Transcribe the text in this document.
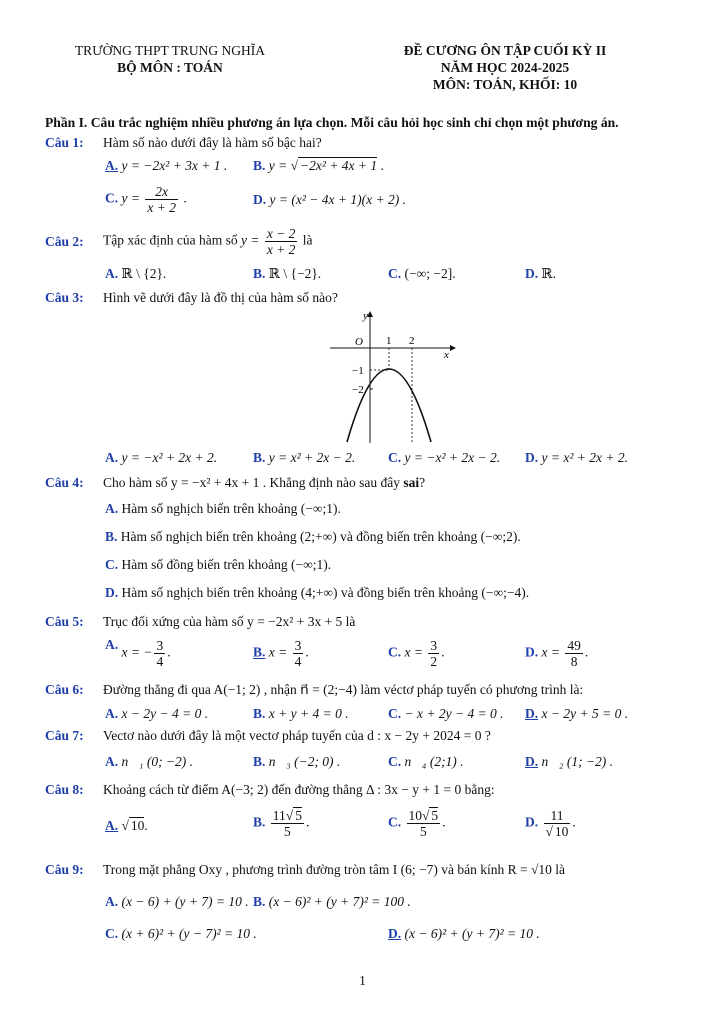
TRƯỜNG THPT TRUNG NGHĨA
BỘ MÔN : TOÁN
ĐỀ CƯƠNG ÔN TẬP CUỐI KỲ II
NĂM HỌC 2024-2025
MÔN: TOÁN, KHỐI: 10
Phần I. Câu trắc nghiệm nhiều phương án lựa chọn. Mỗi câu hỏi học sinh chỉ chọn một phương án.
Câu 1: Hàm số nào dưới đây là hàm số bậc hai?
A. y = −2x² + 3x + 1 . B. y = √ −2x² + 4x + 1 .
C. $y = \frac{2x}{x + 2}$ .	D. y = (x² − 4x + 1)(x + 2) .
Câu 2: Tập xác định của hàm số $y = \frac{x - 2}{x + 2}$ là
A. ℝ \ {2}.	B. ℝ \ {−2}.	C. (−∞; −2].	D. ℝ.
Câu 3: Hình vẽ dưới đây là đồ thị của hàm số nào?
A. y = −x² + 2x + 2.	B. y = x² + 2x − 2. C. y = −x² + 2x − 2. D. y = x² + 2x + 2.
y
x
O 1 2
−1
−2
Câu 4: Cho hàm số y = −x² + 4x + 1 . Khẳng định nào sau đây sai?
A. Hàm số nghịch biến trên khoảng (−∞;1).
B. Hàm số nghịch biến trên khoảng (2;+∞) và đồng biến trên khoảng (−∞;2).
C. Hàm số đồng biến trên khoảng (−∞;1).
D. Hàm số nghịch biến trên khoảng (4;+∞) và đồng biến trên khoảng (−∞;−4).
Câu 5: Trục đối xứng của hàm số y = −2x² + 3x + 5 là
A. x = − $\frac{3}{4}$ .	B. $x = \frac{3}{4}$ .	C. $x = \frac{3}{2}$ .	D. $x = \frac{49}{8}$ .
Câu 6: Đường thẳng đi qua A(−1; 2) , nhận n⃗ = (2;−4) làm véctơ pháp tuyến có phương trình là:
A. x − 2y − 4 = 0 .	B. x + y + 4 = 0 .	C. − x + 2y − 4 = 0 . D. x − 2y + 5 = 0 .
Câu 7: Vectơ nào dưới đây là một vectơ pháp tuyến của d : x − 2y + 2024 = 0 ?
A. n⃗₁ (0; −2) .	B. n⃗₃ (−2; 0) .	C. n⃗₄ (2;1) .	D. n⃗₂ (1; −2) .
Câu 8: Khoảng cách từ điểm A(−3; 2) đến đường thẳng Δ : 3x − y + 1 = 0 bằng:
A. √ 10.	B. $\frac{11√ 5}{5}$ .	C. $\frac{10√ 5}{5}$ .	D. $\frac{11}{√ 10}$ .
Câu 9: Trong mặt phẳng Oxy , phương trình đường tròn tâm I (6; −7) và bán kính R = √10 là
A. (x − 6) + (y + 7) = 10 . B. (x − 6)² + (y + 7)² = 100 .
C. (x + 6)² + (y − 7)² = 10 .	D. (x − 6)² + (y + 7)² = 10 .
1
